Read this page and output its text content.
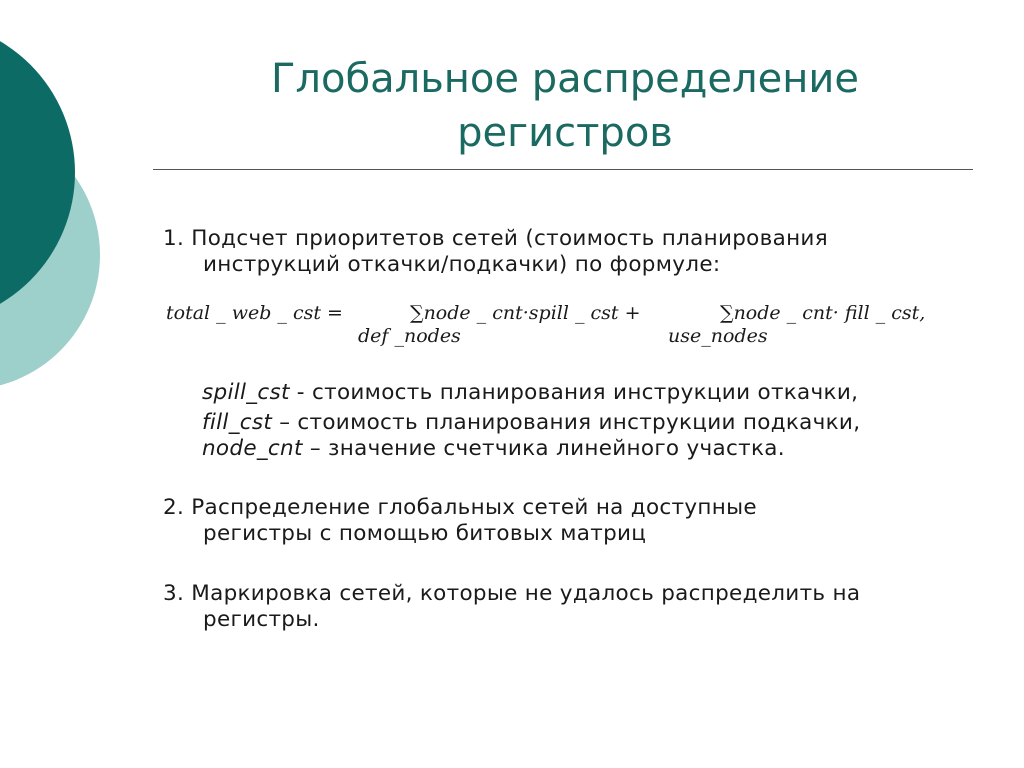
Глобальное распределение
регистров
1. Подсчет приоритетов сетей (стоимость планирования
инструкций откачки/подкачки) по формуле:
total _ web _ cst =	∑node _ cnt·spill _ cst +
def _nodes
∑node _ cnt· fill _ cst,
use_nodes
spill_cst - стоимость планирования инструкции откачки,
fill_cst – стоимость планирования инструкции подкачки,
node_cnt – значение счетчика линейного участка.
2. Распределение глобальных сетей на доступные
регистры с помощью битовых матриц
3. Маркировка сетей, которые не удалось распределить на
регистры.
